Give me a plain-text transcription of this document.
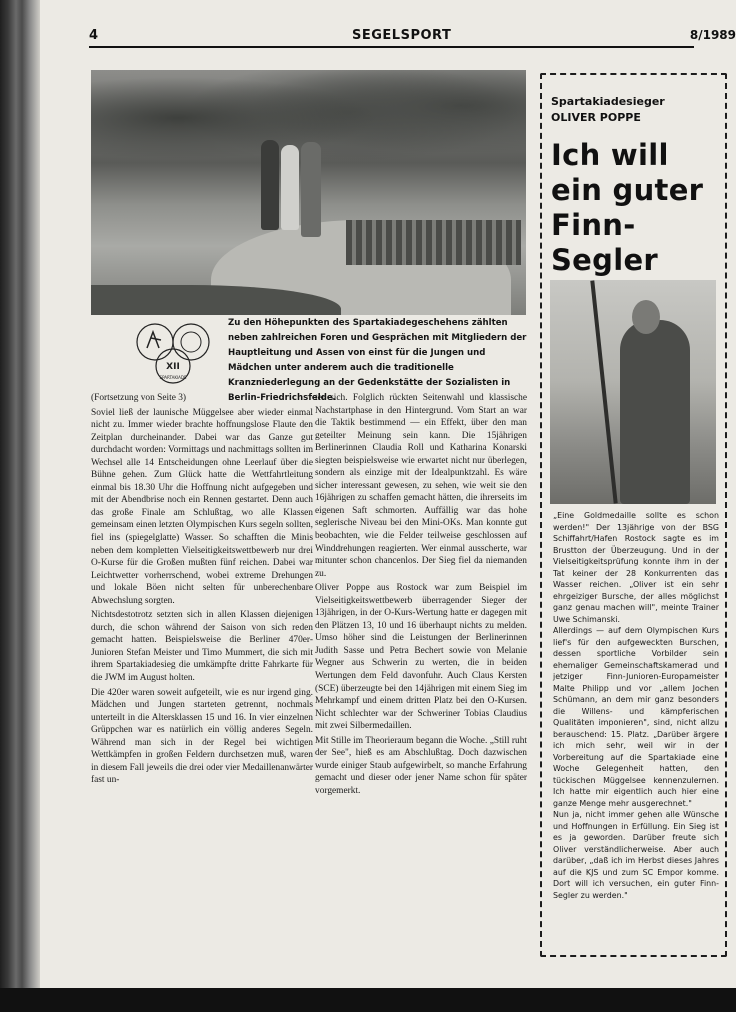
4	SEGELSPORT	8/1989
XII
SPARTAKIADE
Zu den Höhepunkten des Spartakiadegeschehens zählten neben zahlreichen Foren und Gesprächen mit Mitgliedern der Hauptleitung und Assen von einst für die Jungen und Mädchen unter anderem auch die traditionelle Kranzniederlegung an der Gedenkstätte der Sozialisten in Berlin-Friedrichsfelde.

(Fortsetzung von Seite 3)

Soviel ließ der launische Müggelsee aber wieder einmal nicht zu. Immer wieder brachte hoffnungslose Flaute den Zeitplan durcheinander. Dabei war das Ganze gut durchdacht worden: Vormittags und nachmittags sollten im Wechsel alle 14 Entscheidungen ohne Leerlauf über die Bühne gehen. Zum Glück hatte die Wettfahrtleitung einmal bis 18.30 Uhr die Hoffnung nicht aufgegeben und mit der Abendbrise noch ein Rennen gestartet. Denn auch das große Finale am Schlußtag, wo alle Klassen gemeinsam einen letzten Olympischen Kurs segeln sollten, fiel ins (spiegelglatte) Wasser. So schafften die Minis neben dem kompletten Vielseitigkeitswettbewerb nur drei O-Kurse für die Großen mußten fünf reichen. Dabei war Leichtwetter vorherrschend, wobei extreme Drehungen und lokale Böen nicht selten für unberechenbare Abwechslung sorgten.

Nichtsdestotrotz setzten sich in allen Klassen diejenigen durch, die schon während der Saison von sich reden gemacht hatten. Beispielsweise die Berliner 470er-Junioren Stefan Meister und Timo Mummert, die sich mit ihrem Spartakiadesieg die umkämpfte dritte Fahrkarte für die JWM im August holten.

Die 420er waren soweit aufgeteilt, wie es nur irgend ging. Mädchen und Jungen starteten getrennt, nochmals unterteilt in die Altersklassen 15 und 16. In vier einzelnen Grüppchen war es natürlich ein völlig anderes Segeln. Während man sich in der Regel bei wichtigen Wettkämpfen in großen Feldern durchsetzen muß, waren in diesem Fall jeweils die drei oder vier Medaillenanwärter fast un-

ter sich. Folglich rückten Seitenwahl und klassische Nachstartphase in den Hintergrund. Vom Start an war die Taktik bestimmend — ein Effekt, über den man geteilter Meinung sein kann. Die 15jährigen Berlinerinnen Claudia Roll und Katharina Konarski siegten beispielsweise wie erwartet nicht nur überlegen, sondern als einzige mit der Idealpunktzahl. Es wäre sicher interessant gewesen, zu sehen, wie weit sie den 16jährigen zu schaffen gemacht hätten, die ihrerseits im eigenen Saft schmorten. Auffällig war das hohe seglerische Niveau bei den Mini-OKs. Man konnte gut beobachten, wie die Felder teilweise geschlossen auf Winddrehungen reagierten. Wer einmal ausscherte, war mitunter schon chancenlos. Der Sieg fiel da niemanden zu.

Oliver Poppe aus Rostock war zum Beispiel im Vielseitigkeitswettbewerb überragender Sieger der 13jährigen, in der O-Kurs-Wertung hatte er dagegen mit den Plätzen 13, 10 und 16 überhaupt nichts zu melden. Umso höher sind die Leistungen der Berlinerinnen Judith Sasse und Petra Bechert sowie von Melanie Wegner aus Schwerin zu werten, die in beiden Wertungen dem Feld davonfuhr. Auch Claus Kersten (SCE) überzeugte bei den 14jährigen mit einem Sieg im Mehrkampf und einem dritten Platz bei den O-Kursen. Nicht schlechter war der Schweriner Tobias Claudius mit zwei Silbermedaillen.

Mit Stille im Theorieraum begann die Woche. „Still ruht der See", hieß es am Abschlußtag. Doch dazwischen wurde einiger Staub aufgewirbelt, so manche Erfahrung gemacht und dieser oder jener Name schon für später vorgemerkt.

Spartakiadesieger
OLIVER POPPE
Ich will ein guter Finn-Segler

„Eine Goldmedaille sollte es schon werden!" Der 13jährige von der BSG Schiffahrt/Hafen Rostock sagte es im Brustton der Überzeugung. Und in der Vielseitigkeitsprüfung konnte ihm in der Tat keiner der 28 Konkurrenten das Wasser reichen. „Oliver ist ein sehr ehrgeiziger Bursche, der alles möglichst ganz genau machen will", meinte Trainer Uwe Schimanski.

Allerdings — auf dem Olympischen Kurs lief's für den aufgeweckten Burschen, dessen sportliche Vorbilder sein ehemaliger Gemeinschaftskamerad und jetziger Finn-Junioren-Europameister Malte Philipp und vor „allem Jochen Schümann, an dem mir ganz besonders die Willens- und kämpferischen Qualitäten imponieren", sind, nicht allzu berauschend: 15. Platz. „Darüber ärgere ich mich sehr, weil wir in der Vorbereitung auf die Spartakiade eine Woche Gelegenheit hatten, den tückischen Müggelsee kennenzulernen. Ich hatte mir eigentlich auch hier eine ganze Menge mehr ausgerechnet."

Nun ja, nicht immer gehen alle Wünsche und Hoffnungen in Erfüllung. Ein Sieg ist es ja geworden. Darüber freute sich Oliver verständlicherweise. Aber auch darüber, „daß ich im Herbst dieses Jahres auf die KJS und zum SC Empor komme. Dort will ich versuchen, ein guter Finn-Segler zu werden."
